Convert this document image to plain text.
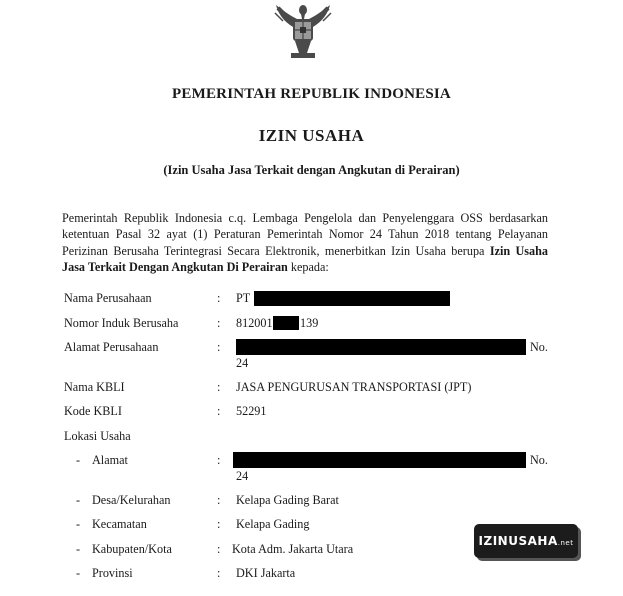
PEMERINTAH REPUBLIK INDONESIA
IZIN USAHA
(Izin Usaha Jasa Terkait dengan Angkutan di Perairan)
Pemerintah Republik Indonesia c.q. Lembaga Pengelola dan Penyelenggara OSS berdasarkan ketentuan Pasal 32 ayat (1) Peraturan Pemerintah Nomor 24 Tahun 2018 tentang Pelayanan Perizinan Berusaha Terintegrasi Secara Elektronik, menerbitkan Izin Usaha berupa Izin Usaha Jasa Terkait Dengan Angkutan Di Perairan kepada:
Nama Perusahaan	: PT
Nomor Induk Berusaha	: 812001 139
Alamat Perusahaan	:	No.
24
Nama KBLI	: JASA PENGURUSAN TRANSPORTASI (JPT)
Kode KBLI	: 52291
Lokasi Usaha
- Alamat	:	No.
24
- Desa/Kelurahan	: Kelapa Gading Barat
- Kecamatan	: Kelapa Gading
- Kabupaten/Kota	: Kota Adm. Jakarta Utara
- Provinsi	: DKI Jakarta
IZINUSAHA .net
